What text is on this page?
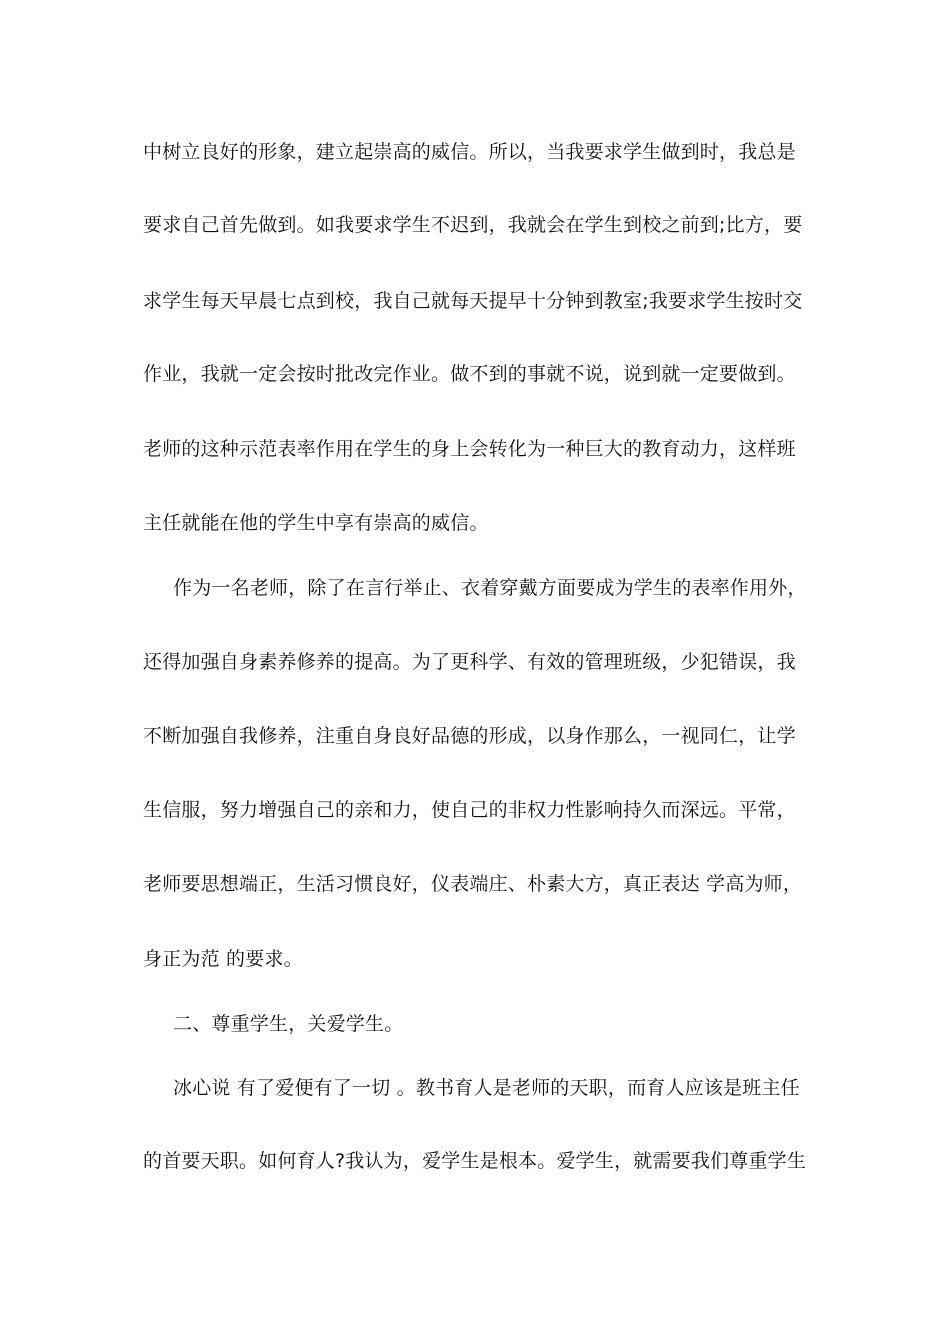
中树立良好的形象，建立起崇高的威信。所以，当我要求学生做到时，我总是
要求自己首先做到。如我要求学生不迟到，我就会在学生到校之前到;比方，要
求学生每天早晨七点到校，我自己就每天提早十分钟到教室;我要求学生按时交
作业，我就一定会按时批改完作业。做不到的事就不说，说到就一定要做到。
老师的这种示范表率作用在学生的身上会转化为一种巨大的教育动力，这样班
主任就能在他的学生中享有崇高的威信。
作为一名老师，除了在言行举止、衣着穿戴方面要成为学生的表率作用外，
还得加强自身素养修养的提高。为了更科学、有效的管理班级，少犯错误，我
不断加强自我修养，注重自身良好品德的形成，以身作那么，一视同仁，让学
生信服，努力增强自己的亲和力，使自己的非权力性影响持久而深远。平常，
老师要思想端正，生活习惯良好，仪表端庄、朴素大方，真正表达 学高为师，
身正为范 的要求。
二、尊重学生，关爱学生。
冰心说 有了爱便有了一切 。教书育人是老师的天职，而育人应该是班主任
的首要天职。如何育人?我认为，爱学生是根本。爱学生，就需要我们尊重学生
